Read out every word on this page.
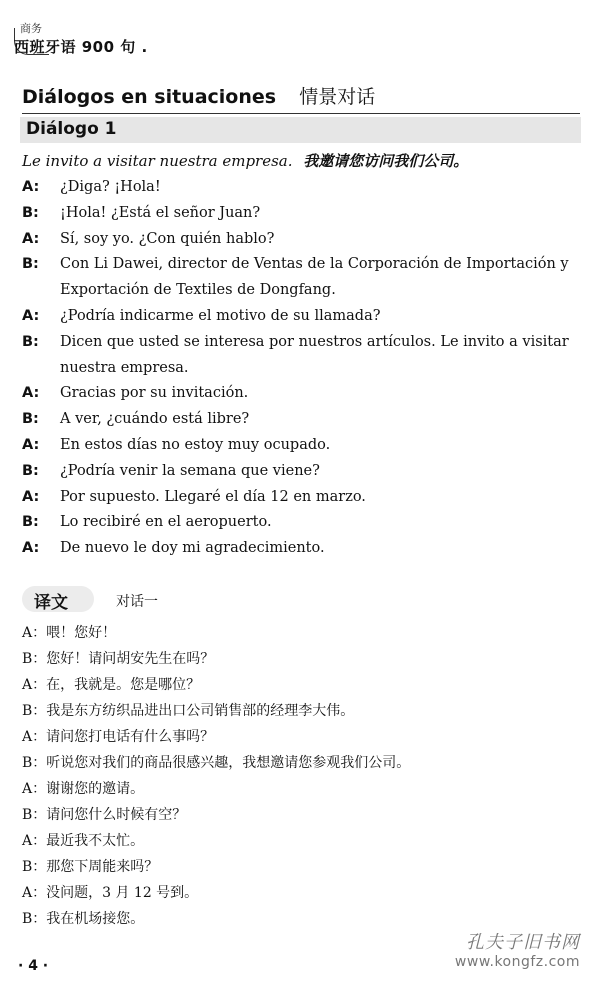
商务
西班牙语 900 句 .
Diálogos en situaciones 情景对话
Diálogo 1
Le invito a visitar nuestra empresa. 我邀请您访问我们公司。
A:	¿Diga? ¡Hola!
B:	¡Hola! ¿Está el señor Juan?
A:	Sí, soy yo. ¿Con quién hablo?
B:	Con Li Dawei, director de Ventas de la Corporación de Importación y Exportación de Textiles de Dongfang.
A:	¿Podría indicarme el motivo de su llamada?
B:	Dicen que usted se interesa por nuestros artículos. Le invito a visitar nuestra empresa.
A:	Gracias por su invitación.
B:	A ver, ¿cuándo está libre?
A:	En estos días no estoy muy ocupado.
B:	¿Podría venir la semana que viene?
A:	Por supuesto. Llegaré el día 12 en marzo.
B:	Lo recibiré en el aeropuerto.
A:	De nuevo le doy mi agradecimiento.
译文	对话一

A：喂！您好！

B：您好！请问胡安先生在吗？

A：在，我就是。您是哪位？

B：我是东方纺织品进出口公司销售部的经理李大伟。

A：请问您打电话有什么事吗？

B：听说您对我们的商品很感兴趣，我想邀请您参观我们公司。

A：谢谢您的邀请。

B：请问您什么时候有空？

A：最近我不太忙。

B：那您下周能来吗？

A：没问题，3 月 12 号到。

B：我在机场接您。

· 4 ·
孔夫子旧书网
www.kongfz.com
